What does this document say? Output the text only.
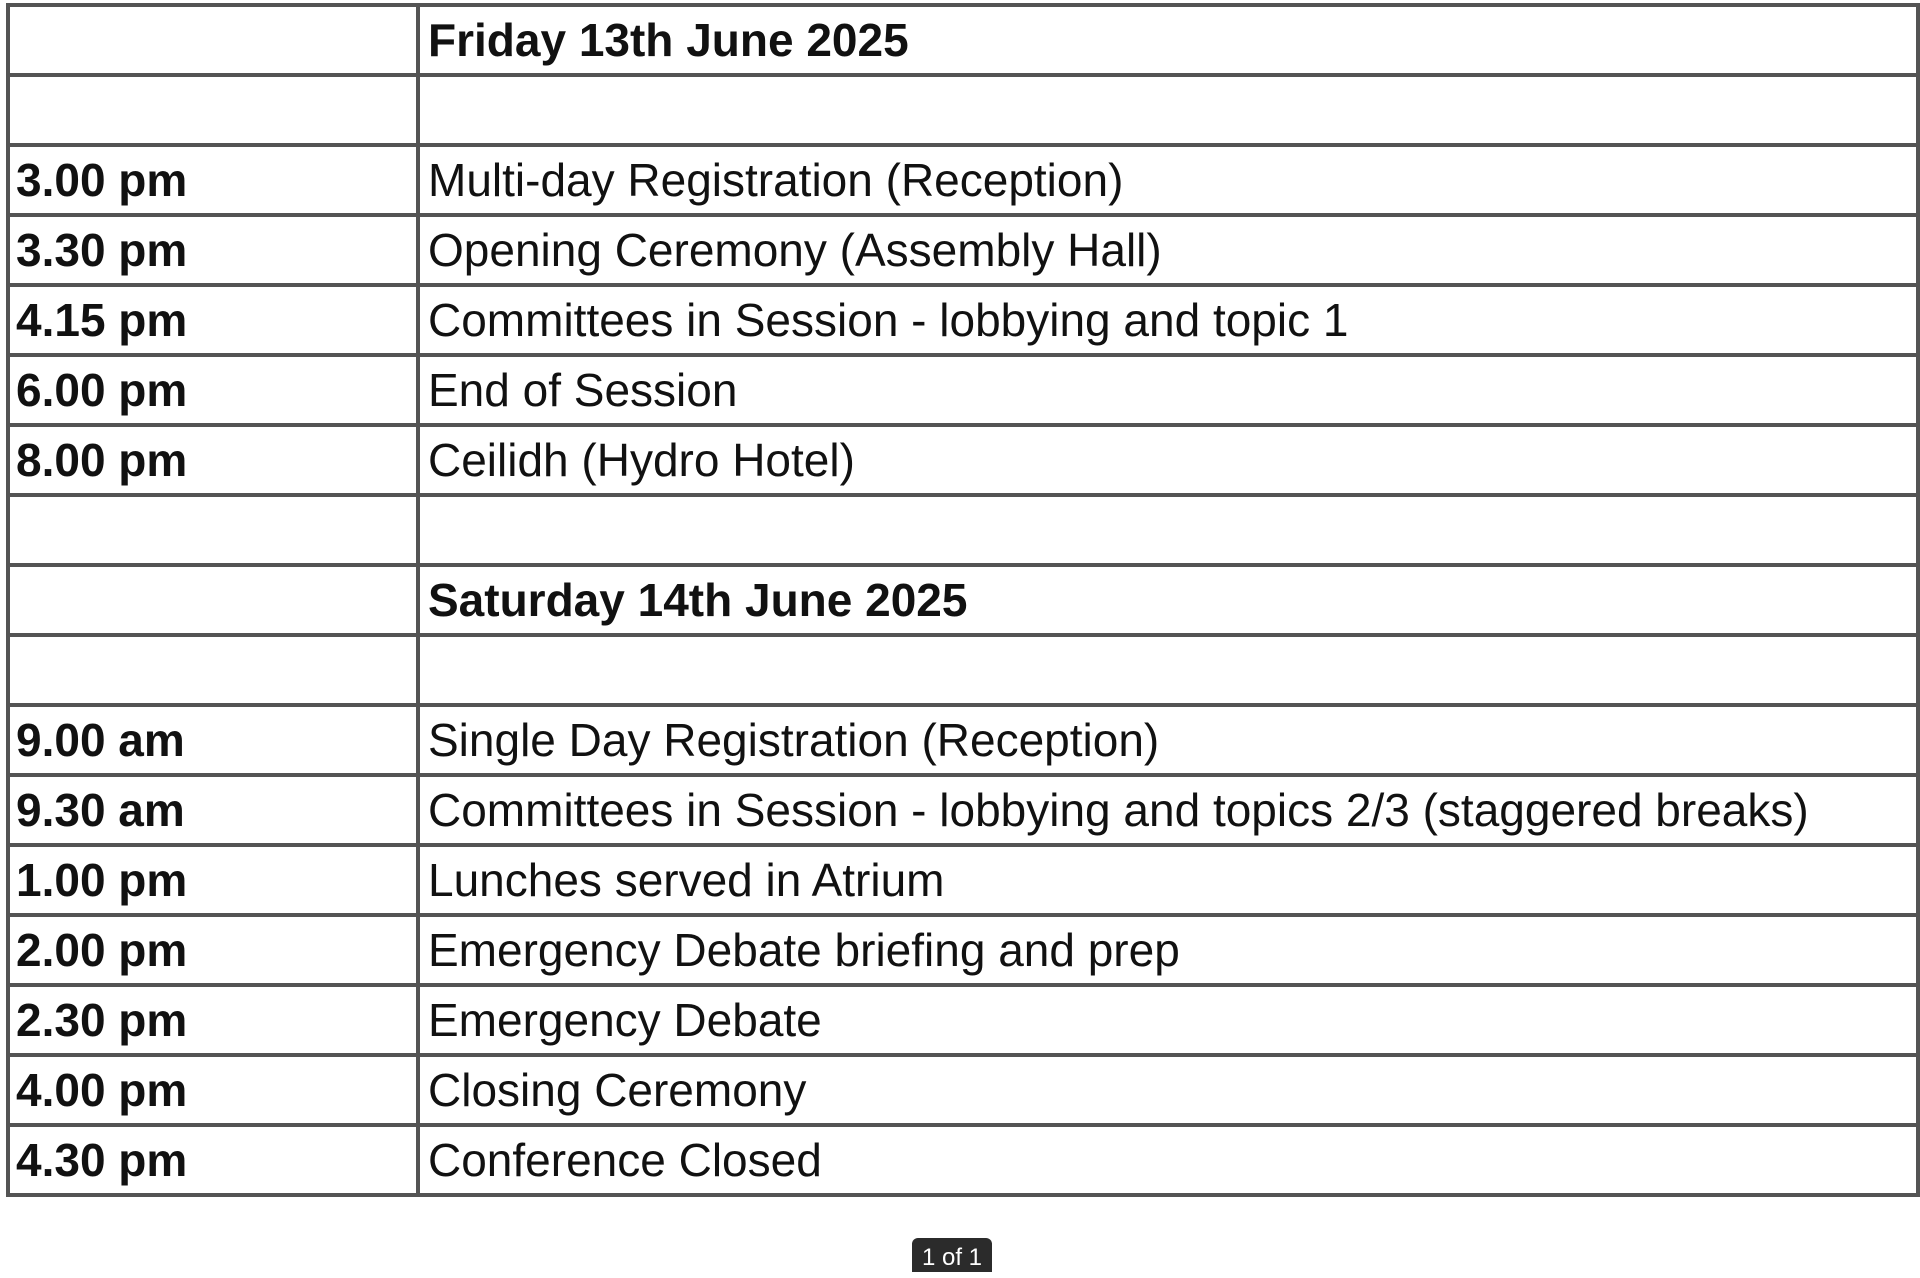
	Friday 13th June 2025

3.00 pm	Multi-day Registration (Reception)
3.30 pm	Opening Ceremony (Assembly Hall)
4.15 pm	Committees in Session - lobbying and topic 1
6.00 pm	End of Session
8.00 pm	Ceilidh (Hydro Hotel)

	Saturday 14th June 2025

9.00 am	Single Day Registration (Reception)
9.30 am	Committees in Session - lobbying and topics 2/3 (staggered breaks)
1.00 pm	Lunches served in Atrium
2.00 pm	Emergency Debate briefing and prep
2.30 pm	Emergency Debate
4.00 pm	Closing Ceremony
4.30 pm	Conference Closed
1 of 1
